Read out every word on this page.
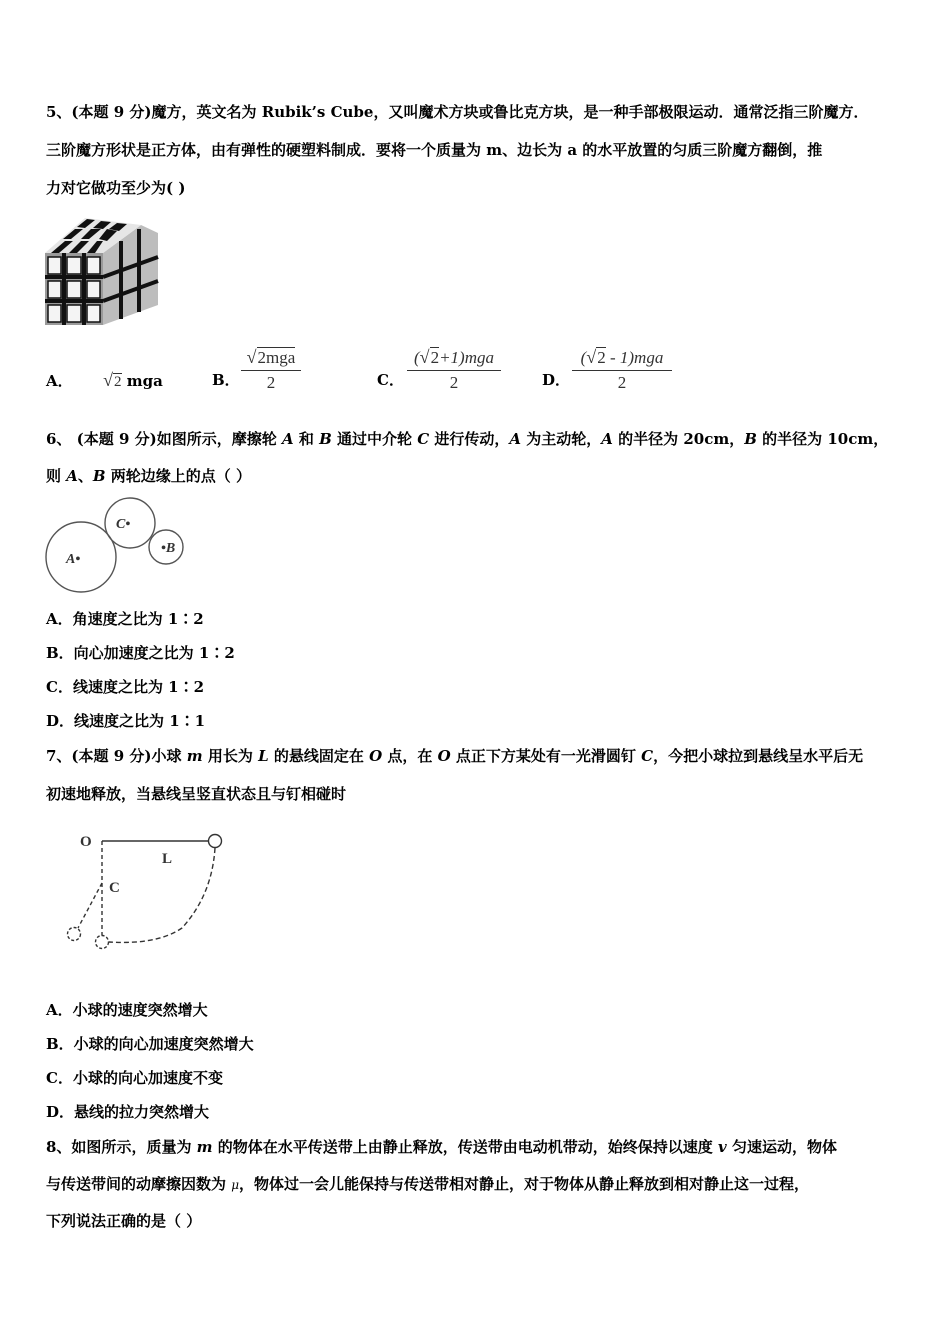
5、(本题 9 分)魔方，英文名为 Rubik’s Cube，又叫魔术方块或鲁比克方块，是一种手部极限运动．通常泛指三阶魔方．
三阶魔方形状是正方体，由有弹性的硬塑料制成．要将一个质量为 m、边长为 a 的水平放置的匀质三阶魔方翻倒，推
力对它做功至少为( )
A． √2 mga	B．
√2mga
2	C．
(√2+1)mga
2	D．
(√2 - 1)mga
2
6、 (本题 9 分)如图所示，摩擦轮 A 和 B 通过中介轮 C 进行传动，A 为主动轮，A 的半径为 20cm，B 的半径为 10cm，
则 A、B 两轮边缘上的点（ ）
A•
C•
•B
A．角速度之比为 1∶2
B．向心加速度之比为 1∶2
C．线速度之比为 1∶2
D．线速度之比为 1∶1
7、(本题 9 分)小球 m 用长为 L 的悬线固定在 O 点，在 O 点正下方某处有一光滑圆钉 C，今把小球拉到悬线呈水平后无
初速地释放，当悬线呈竖直状态且与钉相碰时
O
L
C
A．小球的速度突然增大
B．小球的向心加速度突然增大
C．小球的向心加速度不变
D．悬线的拉力突然增大
8、如图所示，质量为 m 的物体在水平传送带上由静止释放，传送带由电动机带动，始终保持以速度 v 匀速运动，物体
与传送带间的动摩擦因数为 μ，物体过一会儿能保持与传送带相对静止，对于物体从静止释放到相对静止这一过程，
下列说法正确的是（ ）
